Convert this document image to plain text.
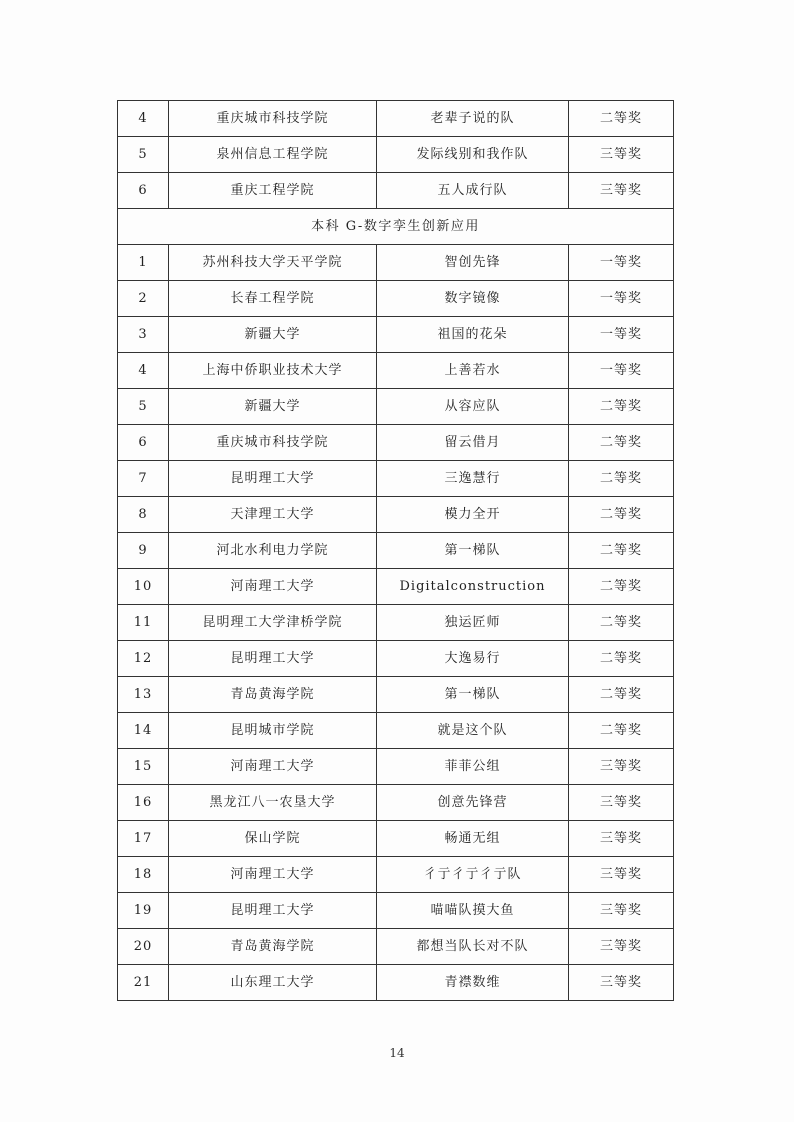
4	重庆城市科技学院	老辈子说的队	二等奖
5	泉州信息工程学院	发际线别和我作队	三等奖
6	重庆工程学院	五人成行队	三等奖
本科 G-数字孪生创新应用			
1	苏州科技大学天平学院	智创先锋	一等奖
2	长春工程学院	数字镜像	一等奖
3	新疆大学	祖国的花朵	一等奖
4	上海中侨职业技术大学	上善若水	一等奖
5	新疆大学	从容应队	二等奖
6	重庆城市科技学院	留云借月	二等奖
7	昆明理工大学	三逸慧行	二等奖
8	天津理工大学	模力全开	二等奖
9	河北水利电力学院	第一梯队	二等奖
10	河南理工大学	Digitalconstruction	二等奖
11	昆明理工大学津桥学院	独运匠师	二等奖
12	昆明理工大学	大逸易行	二等奖
13	青岛黄海学院	第一梯队	二等奖
14	昆明城市学院	就是这个队	二等奖
15	河南理工大学	菲菲公组	三等奖
16	黑龙江八一农垦大学	创意先锋营	三等奖
17	保山学院	畅通无组	三等奖
18	河南理工大学	彳亍彳亍彳亍队	三等奖
19	昆明理工大学	喵喵队摸大鱼	三等奖
20	青岛黄海学院	都想当队长对不队	三等奖
21	山东理工大学	青襟数维	三等奖
14
